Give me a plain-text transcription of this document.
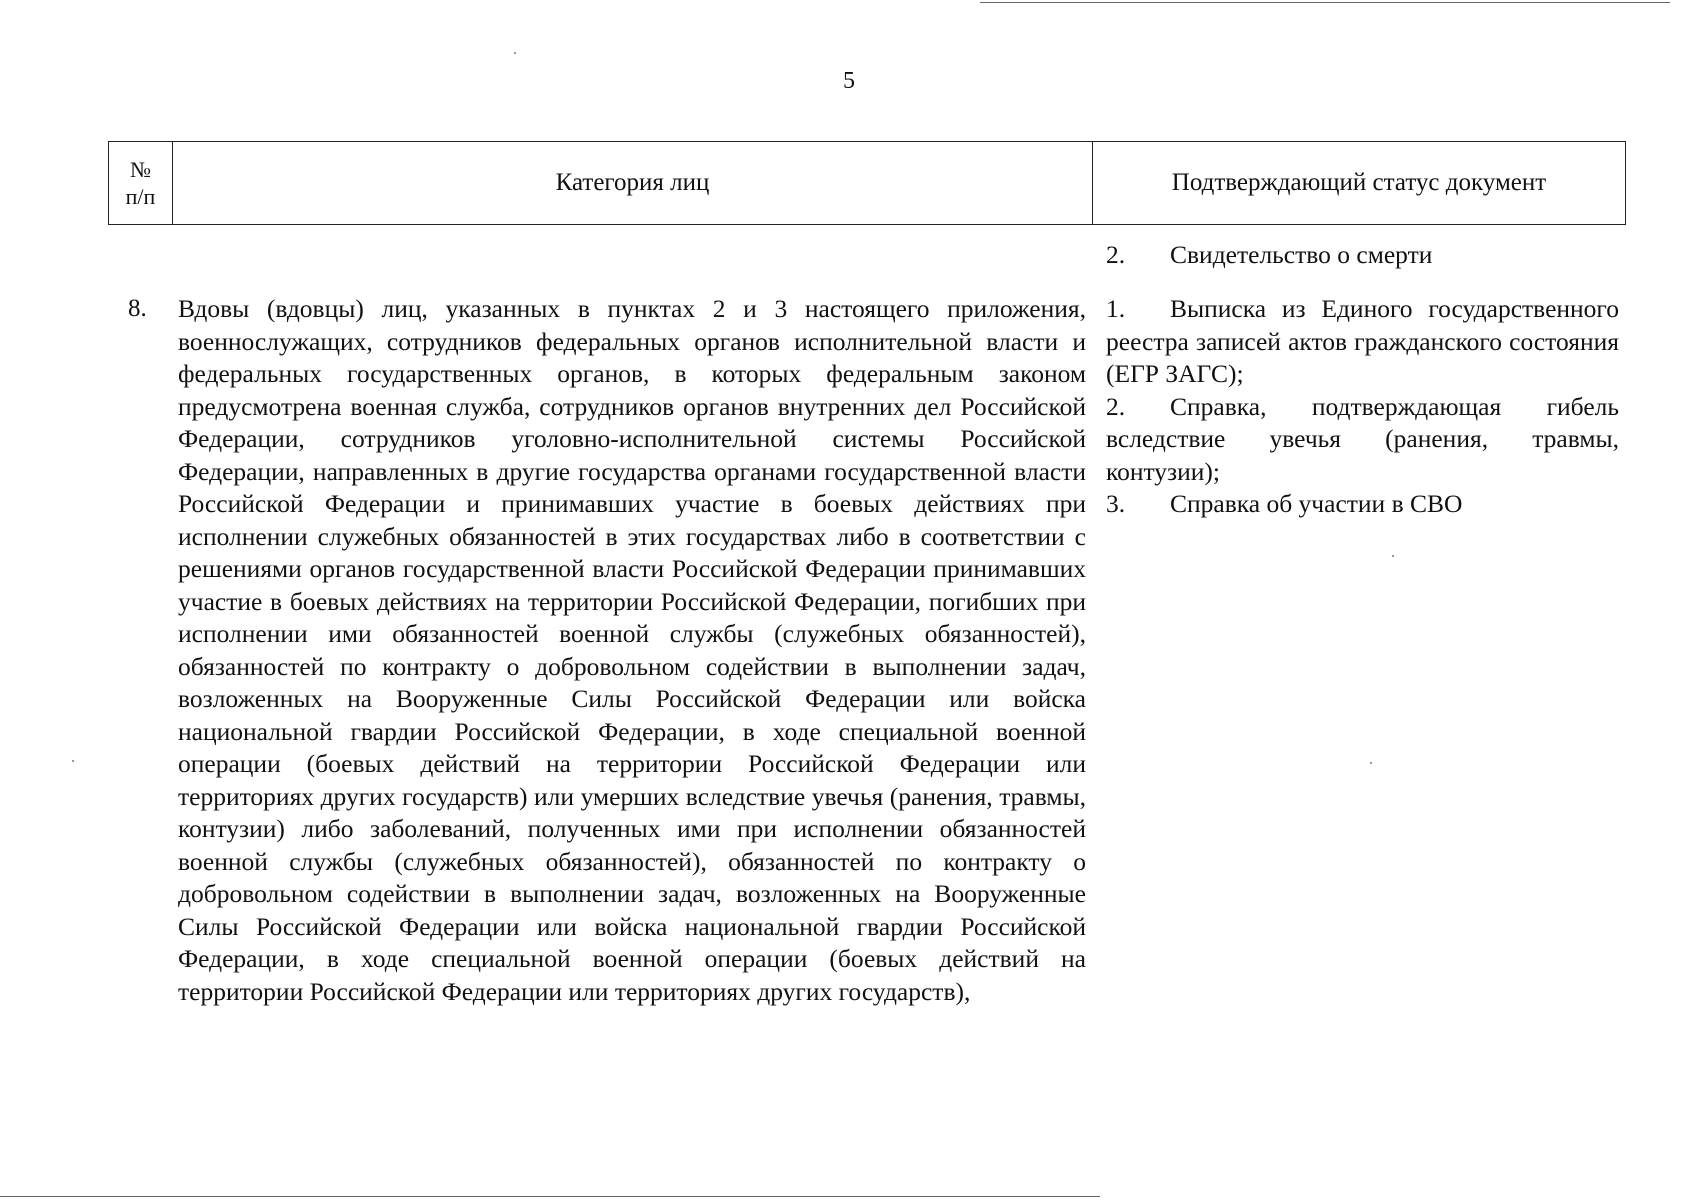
5
№
п/п
Категория лиц	Подтверждающий статус документ
2. Свидетельство о смерти
8. Вдовы (вдовцы) лиц, указанных в пунктах 2 и 3 настоящего приложения, военнослужащих, сотрудников федеральных органов исполнительной власти и федеральных государственных органов, в которых федеральным законом предусмотрена военная служба, сотрудников органов внутренних дел Российской Федерации, сотрудников уголовно-исполнительной системы Российской Федерации, направленных в другие государства органами государственной власти Российской Федерации и принимавших участие в боевых действиях при исполнении служебных обязанностей в этих государствах либо в соответствии с решениями органов государственной власти Российской Федерации принимавших участие в боевых действиях на территории Российской Федерации, погибших при исполнении ими обязанностей военной службы (служебных обязанностей), обязанностей по контракту о добровольном содействии в выполнении задач, возложенных на Вооруженные Силы Российской Федерации или войска национальной гвардии Российской Федерации, в ходе специальной военной операции (боевых действий на территории Российской Федерации или территориях других государств) или умерших вследствие увечья (ранения, травмы, контузии) либо заболеваний, полученных ими при исполнении обязанностей военной службы (служебных обязанностей), обязанностей по контракту о добровольном содействии в выполнении задач, возложенных на Вооруженные Силы Российской Федерации или войска национальной гвардии Российской Федерации, в ходе специальной военной операции (боевых действий на территории Российской Федерации или территориях других государств),
1. Выписка из Единого государственного реестра записей актов гражданского состояния (ЕГР ЗАГС);
2. Справка, подтверждающая гибель вследствие увечья (ранения, травмы, контузии);
3. Справка об участии в СВО
